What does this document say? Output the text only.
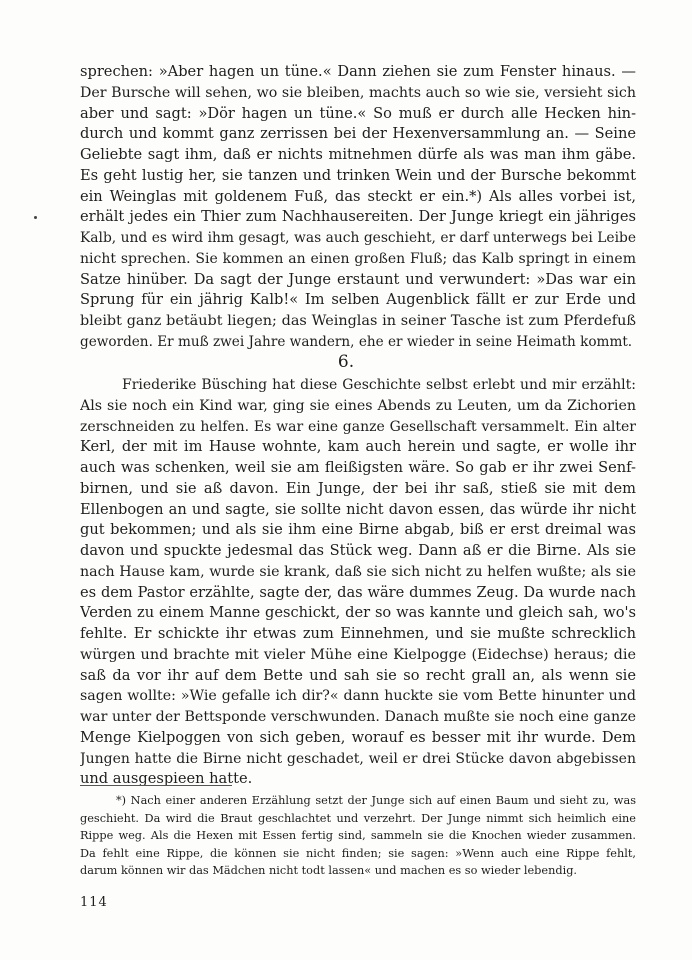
sprechen: »Aber hagen un tüne.« Dann ziehen sie zum Fenster hinaus. —
Der Bursche will sehen, wo sie bleiben, machts auch so wie sie, versieht sich
aber und sagt: »Dör hagen un tüne.« So muß er durch alle Hecken hin-
durch und kommt ganz zerrissen bei der Hexenversammlung an. — Seine
Geliebte sagt ihm, daß er nichts mitnehmen dürfe als was man ihm gäbe.
Es geht lustig her, sie tanzen und trinken Wein und der Bursche bekommt
ein Weinglas mit goldenem Fuß, das steckt er ein.*) Als alles vorbei ist,
erhält jedes ein Thier zum Nachhausereiten. Der Junge kriegt ein jähriges
Kalb, und es wird ihm gesagt, was auch geschieht, er darf unterwegs bei Leibe
nicht sprechen. Sie kommen an einen großen Fluß; das Kalb springt in einem
Satze hinüber. Da sagt der Junge erstaunt und verwundert: »Das war ein
Sprung für ein jährig Kalb!« Im selben Augenblick fällt er zur Erde und
bleibt ganz betäubt liegen; das Weinglas in seiner Tasche ist zum Pferdefuß
geworden. Er muß zwei Jahre wandern, ehe er wieder in seine Heimath kommt.
6.
Friederike Büsching hat diese Geschichte selbst erlebt und mir erzählt:
Als sie noch ein Kind war, ging sie eines Abends zu Leuten, um da Zichorien
zerschneiden zu helfen. Es war eine ganze Gesellschaft versammelt. Ein alter
Kerl, der mit im Hause wohnte, kam auch herein und sagte, er wolle ihr
auch was schenken, weil sie am fleißigsten wäre. So gab er ihr zwei Senf-
birnen, und sie aß davon. Ein Junge, der bei ihr saß, stieß sie mit dem
Ellenbogen an und sagte, sie sollte nicht davon essen, das würde ihr nicht
gut bekommen; und als sie ihm eine Birne abgab, biß er erst dreimal was
davon und spuckte jedesmal das Stück weg. Dann aß er die Birne. Als sie
nach Hause kam, wurde sie krank, daß sie sich nicht zu helfen wußte; als sie
es dem Pastor erzählte, sagte der, das wäre dummes Zeug. Da wurde nach
Verden zu einem Manne geschickt, der so was kannte und gleich sah, wo's
fehlte. Er schickte ihr etwas zum Einnehmen, und sie mußte schrecklich
würgen und brachte mit vieler Mühe eine Kielpogge (Eidechse) heraus; die
saß da vor ihr auf dem Bette und sah sie so recht grall an, als wenn sie
sagen wollte: »Wie gefalle ich dir?« dann huckte sie vom Bette hinunter und
war unter der Bettsponde verschwunden. Danach mußte sie noch eine ganze
Menge Kielpoggen von sich geben, worauf es besser mit ihr wurde. Dem
Jungen hatte die Birne nicht geschadet, weil er drei Stücke davon abgebissen
und ausgespieen hatte.
*) Nach einer anderen Erzählung setzt der Junge sich auf einen Baum und sieht zu, was
geschieht. Da wird die Braut geschlachtet und verzehrt. Der Junge nimmt sich heimlich eine
Rippe weg. Als die Hexen mit Essen fertig sind, sammeln sie die Knochen wieder zusammen.
Da fehlt eine Rippe, die können sie nicht finden; sie sagen: »Wenn auch eine Rippe fehlt,
darum können wir das Mädchen nicht todt lassen« und machen es so wieder lebendig.
114
